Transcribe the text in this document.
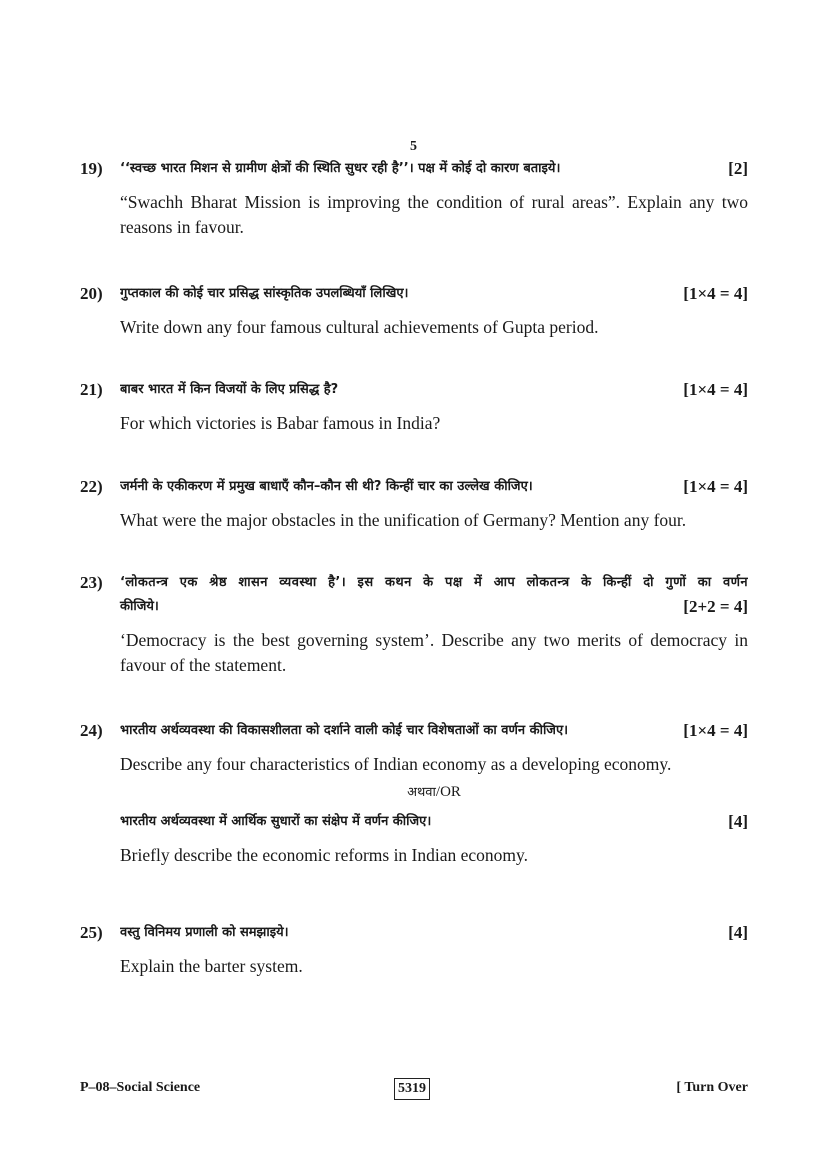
5
19) ‘‘स्वच्छ भारत मिशन से ग्रामीण क्षेत्रों की स्थिति सुधर रही है’’। पक्ष में कोई दो कारण बताइये।	[2]
“Swachh Bharat Mission is improving the condition of rural areas”. Explain any two reasons in favour.
20) गुप्तकाल की कोई चार प्रसिद्ध सांस्कृतिक उपलब्धियाँ लिखिए।	[1×4 = 4]
Write down any four famous cultural achievements of Gupta period.
21) बाबर भारत में किन विजयों के लिए प्रसिद्ध है?	[1×4 = 4]
For which victories is Babar famous in India?
22) जर्मनी के एकीकरण में प्रमुख बाधाएँ कौन–कौन सी थी? किन्हीं चार का उल्लेख कीजिए।	[1×4 = 4]
What were the major obstacles in the unification of Germany? Mention any four.
23) ‘लोकतन्त्र एक श्रेष्ठ शासन व्यवस्था है’। इस कथन के पक्ष में आप लोकतन्त्र के किन्हीं दो गुणों का वर्णन
कीजिये।	[2+2 = 4]
‘Democracy is the best governing system’. Describe any two merits of democracy in favour of the statement.
24) भारतीय अर्थव्यवस्था की विकासशीलता को दर्शाने वाली कोई चार विशेषताओं का वर्णन कीजिए।	[1×4 = 4]
Describe any four characteristics of Indian economy as a developing economy.
अथवा/OR
भारतीय अर्थव्यवस्था में आर्थिक सुधारों का संक्षेप में वर्णन कीजिए।	[4]
Briefly describe the economic reforms in Indian economy.
25) वस्तु विनिमय प्रणाली को समझाइये।	[4]
Explain the barter system.
P–08–Social Science	5319	[ Turn Over
